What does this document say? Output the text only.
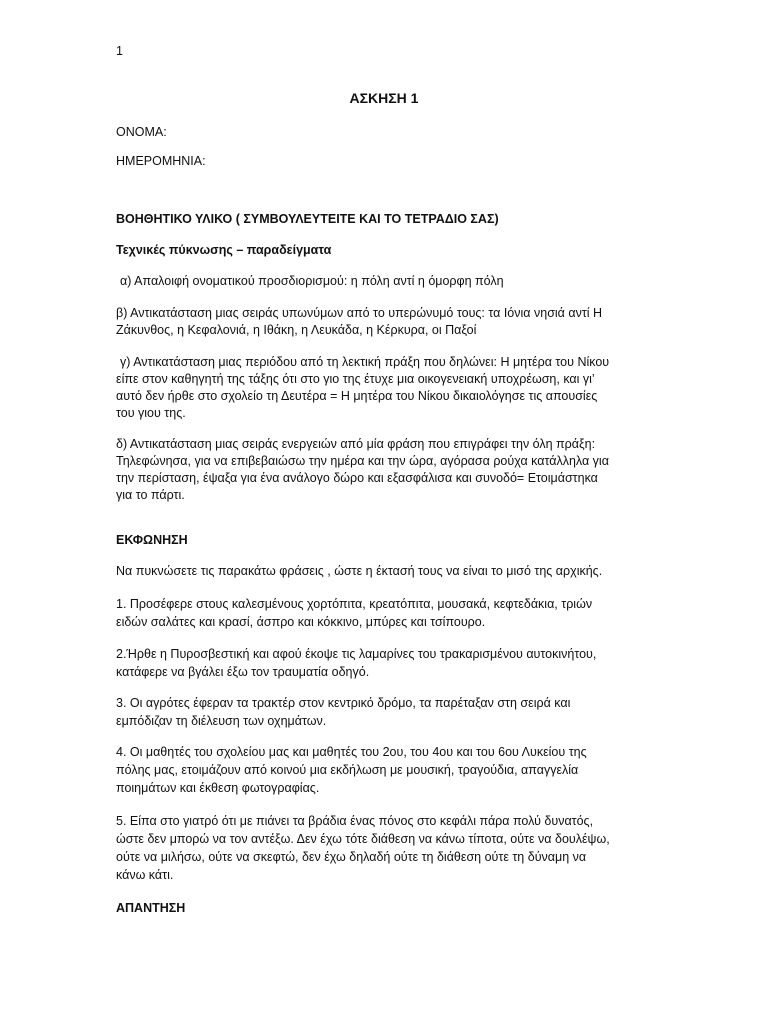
1

ΑΣΚΗΣΗ 1

ΟΝΟΜΑ:

ΗΜΕΡΟΜΗΝΙΑ:

ΒΟΗΘΗΤΙΚΟ ΥΛΙΚΟ ( ΣΥΜΒΟΥΛΕΥΤΕΙΤΕ ΚΑΙ ΤΟ ΤΕΤΡΑΔΙΟ ΣΑΣ)

Τεχνικές πύκνωσης – παραδείγματα

α) Απαλοιφή ονοματικού προσδιορισμού: η πόλη αντί η όμορφη πόλη

β) Αντικατάσταση μιας σειράς υπωνύμων από το υπερώνυμό τους: τα Ιόνια νησιά αντί Η

Ζάκυνθος, η Κεφαλονιά, η Ιθάκη, η Λευκάδα, η Κέρκυρα, οι Παξοί

γ) Αντικατάσταση μιας περιόδου από τη λεκτική πράξη που δηλώνει: Η μητέρα του Νίκου

είπε στον καθηγητή της τάξης ότι στο γιο της έτυχε μια οικογενειακή υποχρέωση, και γι’

αυτό δεν ήρθε στο σχολείο τη Δευτέρα = Η μητέρα του Νίκου δικαιολόγησε τις απουσίες

του γιου της.

δ) Αντικατάσταση μιας σειράς ενεργειών από μία φράση που επιγράφει την όλη πράξη:

Τηλεφώνησα, για να επιβεβαιώσω την ημέρα και την ώρα, αγόρασα ρούχα κατάλληλα για

την περίσταση, έψαξα για ένα ανάλογο δώρο και εξασφάλισα και συνοδό= Ετοιμάστηκα

για το πάρτι.

ΕΚΦΩΝΗΣΗ

Να πυκνώσετε τις παρακάτω φράσεις , ώστε η έκτασή τους να είναι το μισό της αρχικής.

1. Προσέφερε στους καλεσμένους χορτόπιτα, κρεατόπιτα, μουσακά, κεφτεδάκια, τριών

ειδών σαλάτες και κρασί, άσπρο και κόκκινο, μπύρες και τσίπουρο.

2.Ήρθε η Πυροσβεστική και αφού έκοψε τις λαμαρίνες του τρακαρισμένου αυτοκινήτου,

κατάφερε να βγάλει έξω τον τραυματία οδηγό.

3. Οι αγρότες έφεραν τα τρακτέρ στον κεντρικό δρόμο, τα παρέταξαν στη σειρά και

εμπόδιζαν τη διέλευση των οχημάτων.

4. Οι μαθητές του σχολείου μας και μαθητές του 2ου, του 4ου και του 6ου Λυκείου της

πόλης μας, ετοιμάζουν από κοινού μια εκδήλωση με μουσική, τραγούδια, απαγγελία

ποιημάτων και έκθεση φωτογραφίας.

5. Είπα στο γιατρό ότι με πιάνει τα βράδια ένας πόνος στο κεφάλι πάρα πολύ δυνατός,

ώστε δεν μπορώ να τον αντέξω. Δεν έχω τότε διάθεση να κάνω τίποτα, ούτε να δουλέψω,

ούτε να μιλήσω, ούτε να σκεφτώ, δεν έχω δηλαδή ούτε τη διάθεση ούτε τη δύναμη να

κάνω κάτι.

ΑΠΑΝΤΗΣΗ
